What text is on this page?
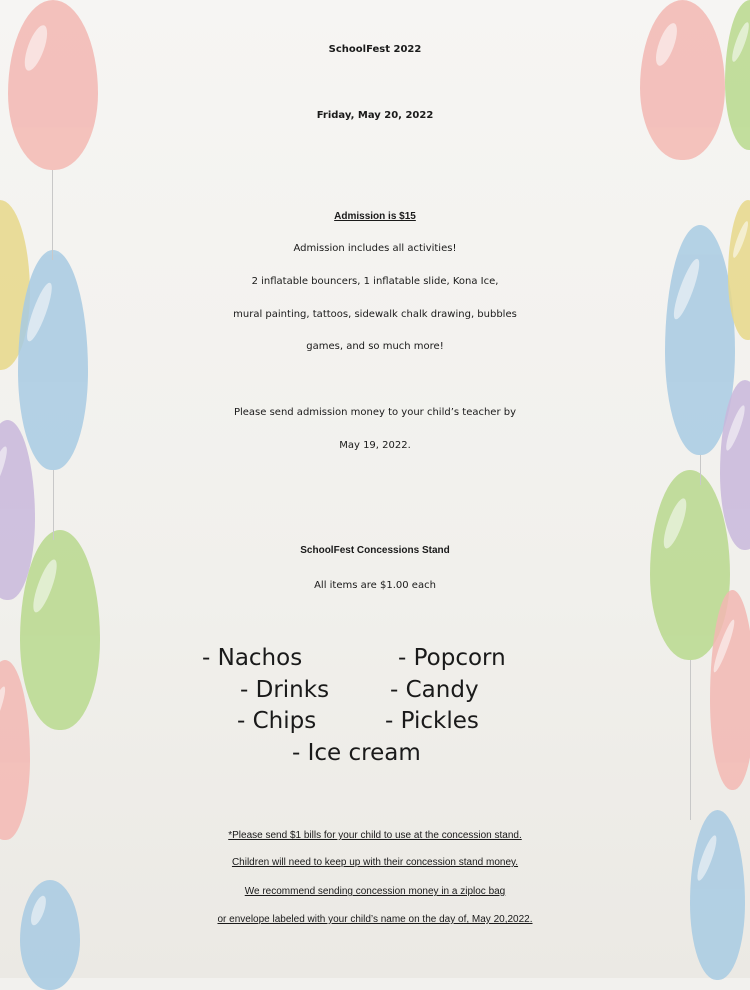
SchoolFest 2022
Friday, May 20, 2022
Admission is $15
Admission includes all activities!
2 inflatable bouncers, 1 inflatable slide, Kona Ice,
mural painting, tattoos, sidewalk chalk drawing, bubbles
games, and so much more!
Please send admission money to your child’s teacher by
May 19, 2022.
SchoolFest Concessions Stand
All items are $1.00 each
- Nachos	- Popcorn
- Drinks	- Candy
- Chips	- Pickles
- Ice cream
*Please send $1 bills for your child to use at the concession stand.
Children will need to keep up with their concession stand money.
We recommend sending concession money in a ziploc bag
or envelope labeled with your child’s name on the day of, May 20,2022.
